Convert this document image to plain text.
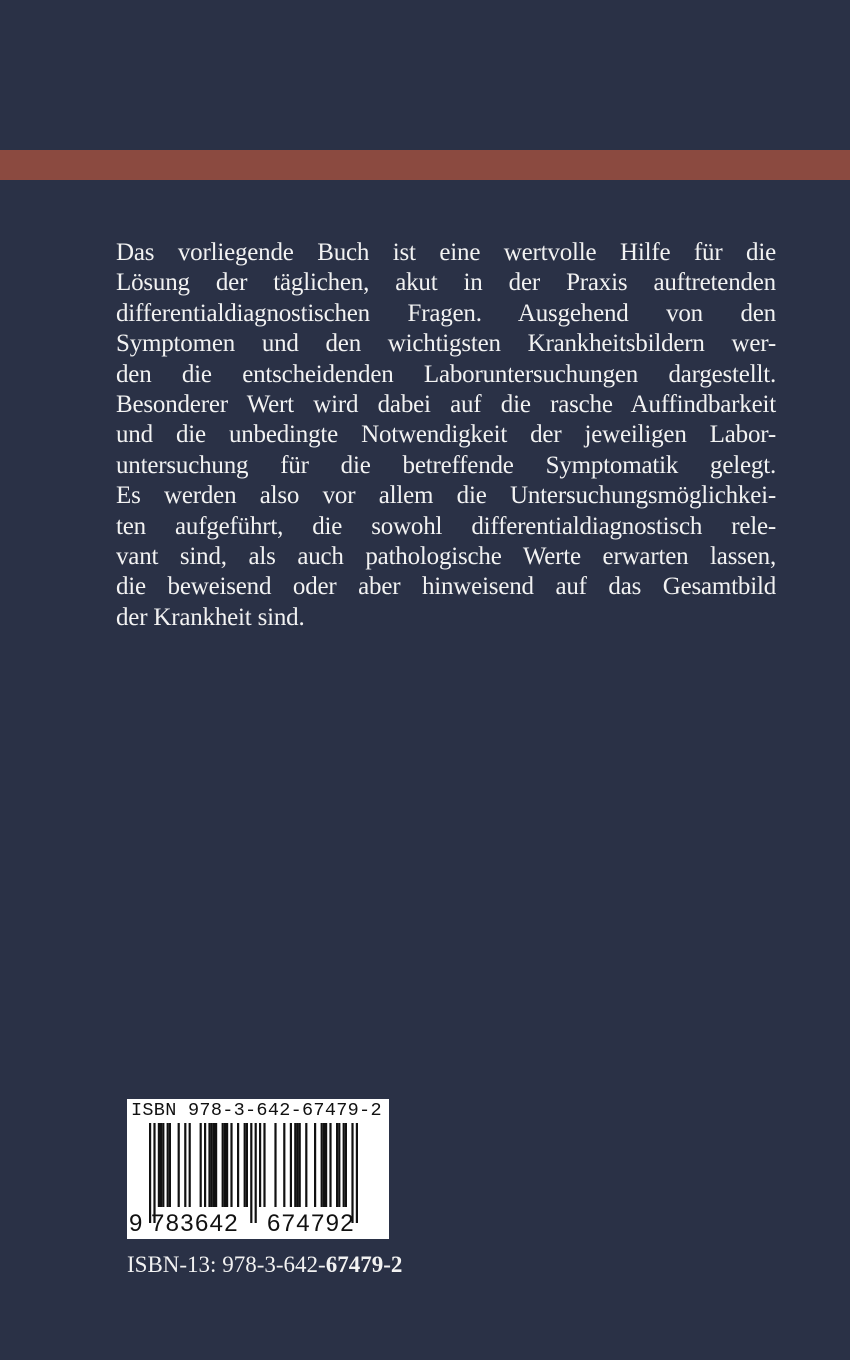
Das vorliegende Buch ist eine wertvolle Hilfe für die
Lösung der täglichen, akut in der Praxis auftretenden
differentialdiagnostischen Fragen. Ausgehend von den
Symptomen und den wichtigsten Krankheitsbildern wer-
den die entscheidenden Laboruntersuchungen dargestellt.
Besonderer Wert wird dabei auf die rasche Auffindbarkeit
und die unbedingte Notwendigkeit der jeweiligen Labor-
untersuchung für die betreffende Symptomatik gelegt.
Es werden also vor allem die Untersuchungsmöglichkei-
ten aufgeführt, die sowohl differentialdiagnostisch rele-
vant sind, als auch pathologische Werte erwarten lassen,
die beweisend oder aber hinweisend auf das Gesamtbild
der Krankheit sind.
ISBN 978-3-642-67479-2
9 783642 674792
ISBN-13: 978-3-642-67479-2
